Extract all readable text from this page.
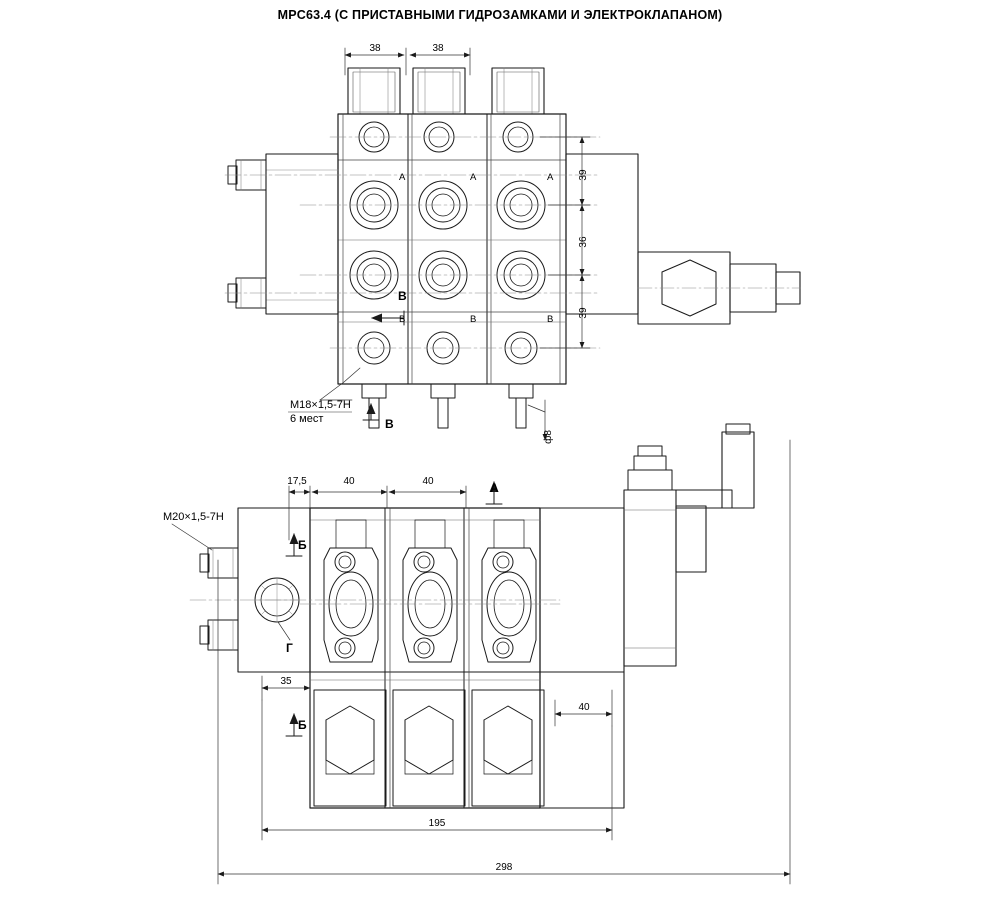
MPC63.4 (С ПРИСТАВНЫМИ ГИДРОЗАМКАМИ И ЭЛЕКТРОКЛАПАНОМ)
38	38
39
36
39
ф8
A	A	A
B	B	B
M18×1,5-7H
6 мест
В
B
17,5	40	40
40
35
195
298
M20×1,5-7H
Б
Б
A
Г
